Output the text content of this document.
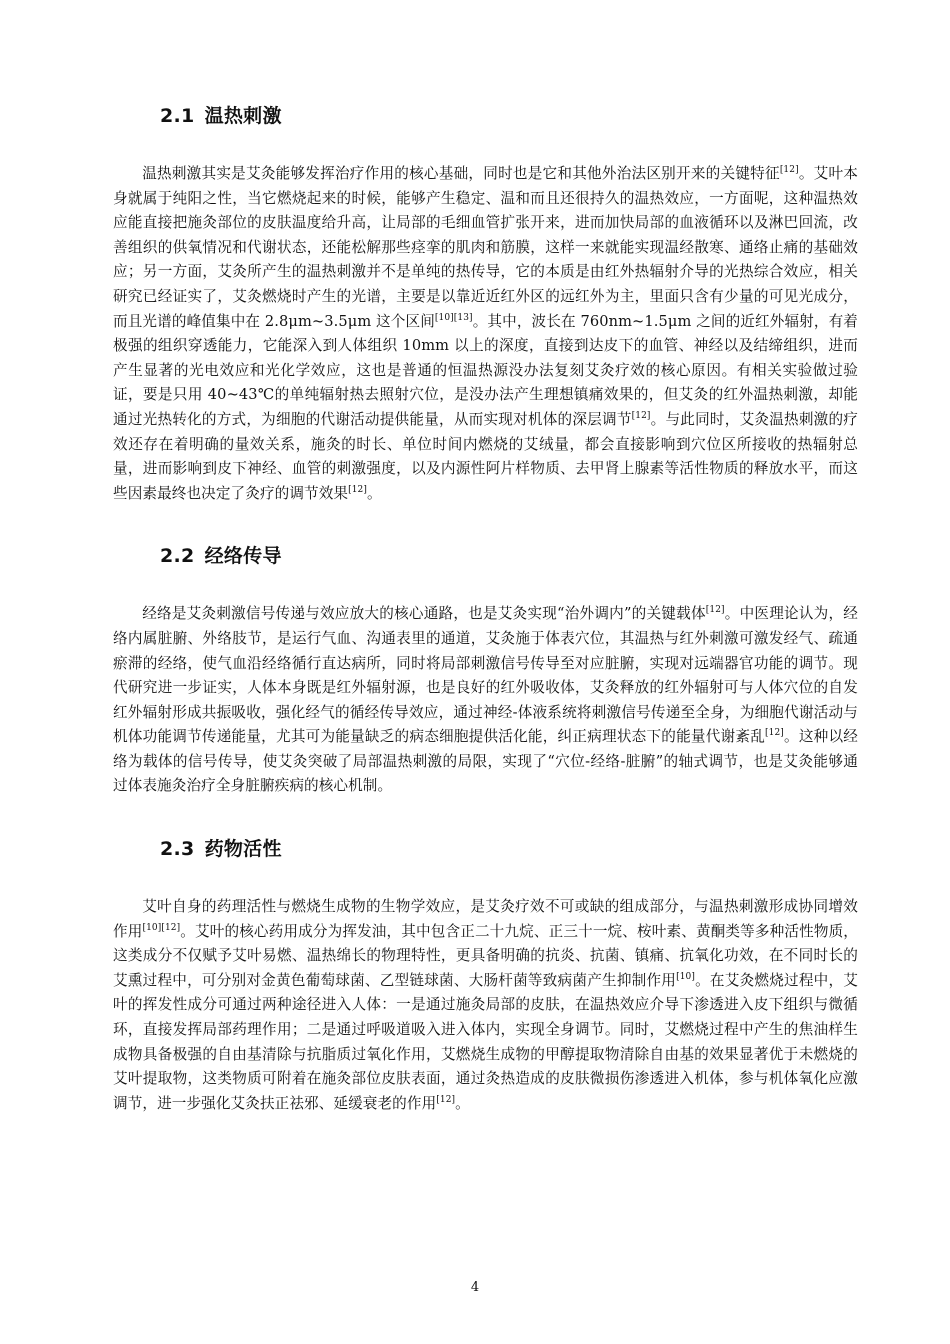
2.1 温热刺激

温热刺激其实是艾灸能够发挥治疗作用的核心基础，同时也是它和其他外治法区别开来的关键特征[12]。艾叶本身就属于纯阳之性，当它燃烧起来的时候，能够产生稳定、温和而且还很持久的温热效应，一方面呢，这种温热效应能直接把施灸部位的皮肤温度给升高，让局部的毛细血管扩张开来，进而加快局部的血液循环以及淋巴回流，改善组织的供氧情况和代谢状态，还能松解那些痉挛的肌肉和筋膜，这样一来就能实现温经散寒、通络止痛的基础效应；另一方面，艾灸所产生的温热刺激并不是单纯的热传导，它的本质是由红外热辐射介导的光热综合效应，相关研究已经证实了，艾灸燃烧时产生的光谱，主要是以靠近近红外区的远红外为主，里面只含有少量的可见光成分，而且光谱的峰值集中在 2.8μm~3.5μm 这个区间[10][13]。其中，波长在 760nm~1.5μm 之间的近红外辐射，有着极强的组织穿透能力，它能深入到人体组织 10mm 以上的深度，直接到达皮下的血管、神经以及结缔组织，进而产生显著的光电效应和光化学效应，这也是普通的恒温热源没办法复刻艾灸疗效的核心原因。有相关实验做过验证，要是只用 40~43℃的单纯辐射热去照射穴位，是没办法产生理想镇痛效果的，但艾灸的红外温热刺激，却能通过光热转化的方式，为细胞的代谢活动提供能量，从而实现对机体的深层调节[12]。与此同时，艾灸温热刺激的疗效还存在着明确的量效关系，施灸的时长、单位时间内燃烧的艾绒量，都会直接影响到穴位区所接收的热辐射总量，进而影响到皮下神经、血管的刺激强度，以及内源性阿片样物质、去甲肾上腺素等活性物质的释放水平，而这些因素最终也决定了灸疗的调节效果[12]。

2.2 经络传导

经络是艾灸刺激信号传递与效应放大的核心通路，也是艾灸实现“治外调内”的关键载体[12]。中医理论认为，经络内属脏腑、外络肢节，是运行气血、沟通表里的通道，艾灸施于体表穴位，其温热与红外刺激可激发经气、疏通瘀滞的经络，使气血沿经络循行直达病所，同时将局部刺激信号传导至对应脏腑，实现对远端器官功能的调节。现代研究进一步证实，人体本身既是红外辐射源，也是良好的红外吸收体，艾灸释放的红外辐射可与人体穴位的自发红外辐射形成共振吸收，强化经气的循经传导效应，通过神经-体液系统将刺激信号传递至全身，为细胞代谢活动与机体功能调节传递能量，尤其可为能量缺乏的病态细胞提供活化能，纠正病理状态下的能量代谢紊乱[12]。这种以经络为载体的信号传导，使艾灸突破了局部温热刺激的局限，实现了“穴位-经络-脏腑”的轴式调节，也是艾灸能够通过体表施灸治疗全身脏腑疾病的核心机制。

2.3 药物活性

艾叶自身的药理活性与燃烧生成物的生物学效应，是艾灸疗效不可或缺的组成部分，与温热刺激形成协同增效作用[10][12]。艾叶的核心药用成分为挥发油，其中包含正二十九烷、正三十一烷、桉叶素、黄酮类等多种活性物质，这类成分不仅赋予艾叶易燃、温热绵长的物理特性，更具备明确的抗炎、抗菌、镇痛、抗氧化功效，在不同时长的艾熏过程中，可分别对金黄色葡萄球菌、乙型链球菌、大肠杆菌等致病菌产生抑制作用[10]。在艾灸燃烧过程中，艾叶的挥发性成分可通过两种途径进入人体：一是通过施灸局部的皮肤，在温热效应介导下渗透进入皮下组织与微循环，直接发挥局部药理作用；二是通过呼吸道吸入进入体内，实现全身调节。同时，艾燃烧过程中产生的焦油样生成物具备极强的自由基清除与抗脂质过氧化作用，艾燃烧生成物的甲醇提取物清除自由基的效果显著优于未燃烧的艾叶提取物，这类物质可附着在施灸部位皮肤表面，通过灸热造成的皮肤微损伤渗透进入机体，参与机体氧化应激调节，进一步强化艾灸扶正祛邪、延缓衰老的作用[12]。

4
